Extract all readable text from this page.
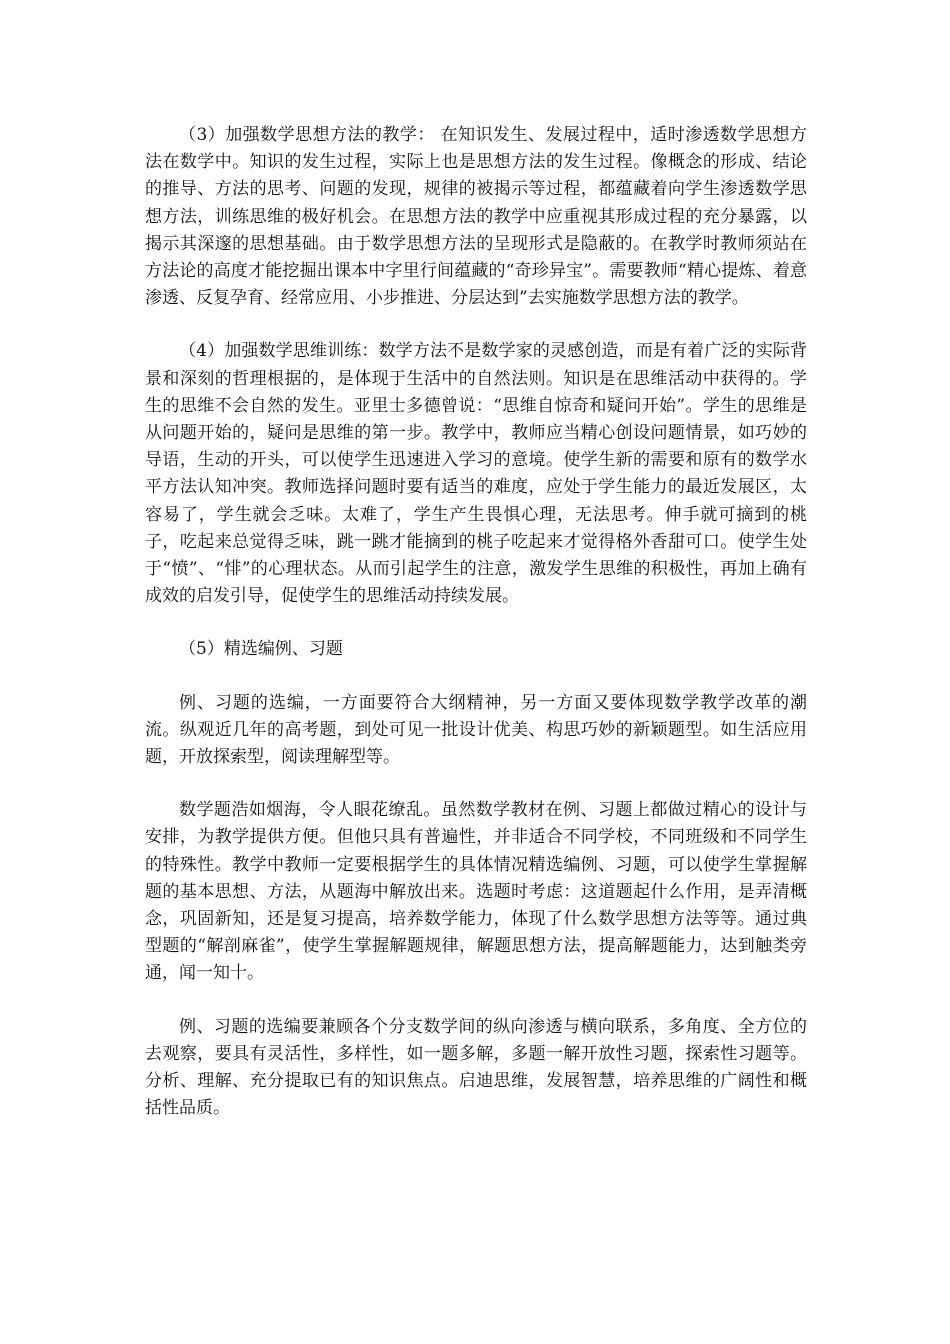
（3）加强数学思想方法的教学： 在知识发生、发展过程中，适时渗透数学思想方法在数学中。知识的发生过程，实际上也是思想方法的发生过程。像概念的形成、结论的推导、方法的思考、问题的发现，规律的被揭示等过程，都蕴藏着向学生渗透数学思想方法，训练思维的极好机会。在思想方法的教学中应重视其形成过程的充分暴露，以揭示其深邃的思想基础。由于数学思想方法的呈现形式是隐蔽的。在教学时教师须站在方法论的高度才能挖掘出课本中字里行间蕴藏的“奇珍异宝”。需要教师“精心提炼、着意渗透、反复孕育、经常应用、小步推进、分层达到”去实施数学思想方法的教学。

（4）加强数学思维训练：数学方法不是数学家的灵感创造，而是有着广泛的实际背景和深刻的哲理根据的，是体现于生活中的自然法则。知识是在思维活动中获得的。学生的思维不会自然的发生。亚里士多德曾说：“思维自惊奇和疑问开始”。学生的思维是从问题开始的，疑问是思维的第一步。教学中，教师应当精心创设问题情景，如巧妙的导语，生动的开头，可以使学生迅速进入学习的意境。使学生新的需要和原有的数学水平方法认知冲突。教师选择问题时要有适当的难度，应处于学生能力的最近发展区，太容易了，学生就会乏味。太难了，学生产生畏惧心理，无法思考。伸手就可摘到的桃子，吃起来总觉得乏味，跳一跳才能摘到的桃子吃起来才觉得格外香甜可口。使学生处于“愤”、“悱”的心理状态。从而引起学生的注意，激发学生思维的积极性，再加上确有成效的启发引导，促使学生的思维活动持续发展。

（5）精选编例、习题

例、习题的选编，一方面要符合大纲精神，另一方面又要体现数学教学改革的潮流。纵观近几年的高考题，到处可见一批设计优美、构思巧妙的新颖题型。如生活应用题，开放探索型，阅读理解型等。

数学题浩如烟海，令人眼花缭乱。虽然数学教材在例、习题上都做过精心的设计与安排，为教学提供方便。但他只具有普遍性，并非适合不同学校，不同班级和不同学生的特殊性。教学中教师一定要根据学生的具体情况精选编例、习题，可以使学生掌握解题的基本思想、方法，从题海中解放出来。选题时考虑：这道题起什么作用，是弄清概念，巩固新知，还是复习提高，培养数学能力，体现了什么数学思想方法等等。通过典型题的“解剖麻雀”，使学生掌握解题规律，解题思想方法，提高解题能力，达到触类旁通，闻一知十。

例、习题的选编要兼顾各个分支数学间的纵向渗透与横向联系，多角度、全方位的去观察，要具有灵活性，多样性，如一题多解，多题一解开放性习题，探索性习题等。分析、理解、充分提取已有的知识焦点。启迪思维，发展智慧，培养思维的广阔性和概括性品质。
